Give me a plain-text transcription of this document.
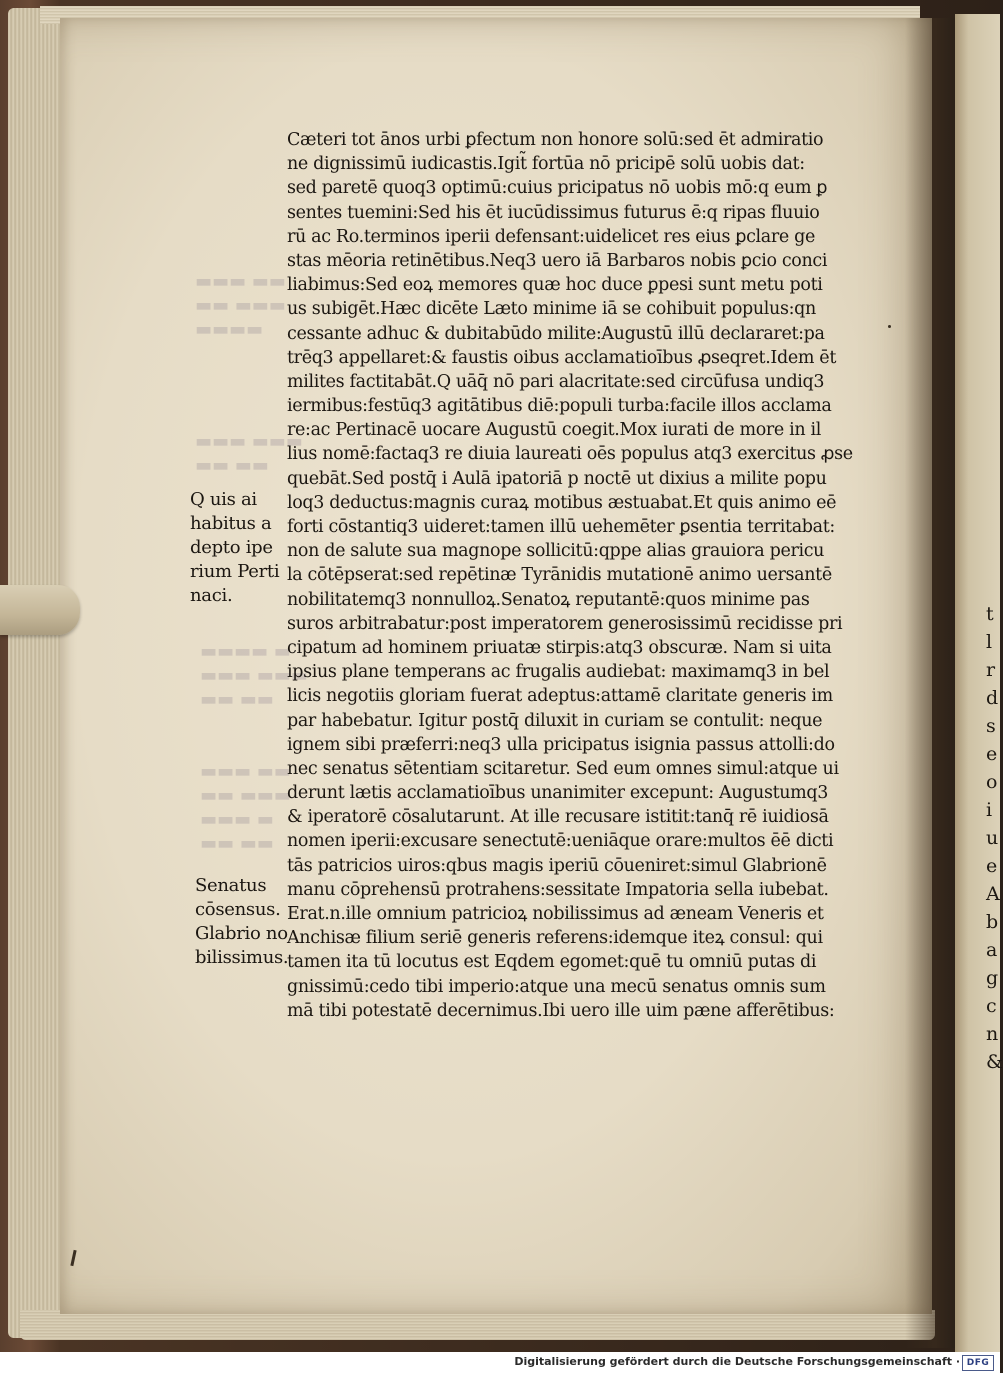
▬▬▬ ▬▬
▬▬ ▬▬▬
▬▬▬▬
▬▬▬ ▬▬▬
▬▬ ▬▬
▬▬▬▬ ▬
▬▬▬ ▬▬▬
▬▬ ▬▬
▬▬▬ ▬▬
▬▬ ▬▬▬
▬▬▬ ▬
▬▬ ▬▬
Q uis ai
habitus a
depto ipe
rium Perti
naci.
Senatus
cōsensus.
Glabrio no
bilissimus.
Cæteri tot ānos urbi ꝑfectum non honore solū:sed ēt admiratio
ne dignissimū iudicastis.Igit̃ fortūa nō pricipē solū uobis dat:
sed paretē quoq3 optimū:cuius pricipatus nō uobis mō:q eum ꝑ
sentes tuemini:Sed his ēt iucūdissimus futurus ē:q ripas fluuio
rū ac Ro.terminos iperii defensant:uidelicet res eius ꝑclare ge
stas mēoria retinētibus.Neq3 uero iā Barbaros nobis ꝑcio conci
liabimus:Sed eoꝝ memores quæ hoc duce ꝑpesi sunt metu poti
us subigēt.Hæc dicēte Læto minime iā se cohibuit populus:qn
cessante adhuc & dubitabūdo milite:Augustū illū declararet:pa
trēq3 appellaret:& faustis oibus acclamatioībus ꝓseqret.Idem ēt
milites factitabāt.Q uāq̄ nō pari alacritate:sed circūfusa undiq3
iermibus:festūq3 agitātibus diē:populi turba:facile illos acclama
re:ac Pertinacē uocare Augustū coegit.Mox iurati de more in il
lius nomē:factaq3 re diuia laureati oēs populus atq3 exercitus ꝓse
quebāt.Sed postq̄ i Aulā ipatoriā p noctē ut dixius a milite popu
loq3 deductus:magnis curaꝝ motibus æstuabat.Et quis animo eē
forti cōstantiq3 uideret:tamen illū uehemēter ꝑsentia territabat:
non de salute sua magnope sollicitū:qppe alias grauiora pericu
la cōtēpserat:sed repētinæ Tyrānidis mutationē animo uersantē
nobilitatemq3 nonnulloꝝ.Senatoꝝ reputantē:quos minime pas
suros arbitrabatur:post imperatorem generosissimū recidisse pri
cipatum ad hominem priuatæ stirpis:atq3 obscuræ. Nam si uita
ipsius plane temperans ac frugalis audiebat: maximamq3 in bel
licis negotiis gloriam fuerat adeptus:attamē claritate generis im
par habebatur. Igitur postq̄ diluxit in curiam se contulit: neque
ignem sibi præferri:neq3 ulla pricipatus isignia passus attolli:do
nec senatus sētentiam scitaretur. Sed eum omnes simul:atque ui
derunt lætis acclamatioībus unanimiter excepunt: Augustumq3
& iperatorē cōsalutarunt. At ille recusare istitit:tanq̄ rē iuidiosā
nomen iperii:excusare senectutē:ueniāque orare:multos ēē dicti
tās patricios uiros:qbus magis iperiū cōueniret:simul Glabrionē
manu cōprehensū protrahens:sessitate Impatoria sella iubebat.
Erat.n.ille omnium patricioꝝ nobilissimus ad æneam Veneris et
Anchisæ filium seriē generis referens:idemque iteꝝ consul: qui
tamen ita tū locutus est Eqdem egomet:quē tu omniū putas di
gnissimū:cedo tibi imperio:atque una mecū senatus omnis sum
mā tibi potestatē decernimus.Ibi uero ille uim pæne afferētibus:
t
l
r
d
s
e
o
i
u
e
A
b
a
g
c
n
&
Digitalisierung gefördert durch die Deutsche Forschungsgemeinschaft · DFG
